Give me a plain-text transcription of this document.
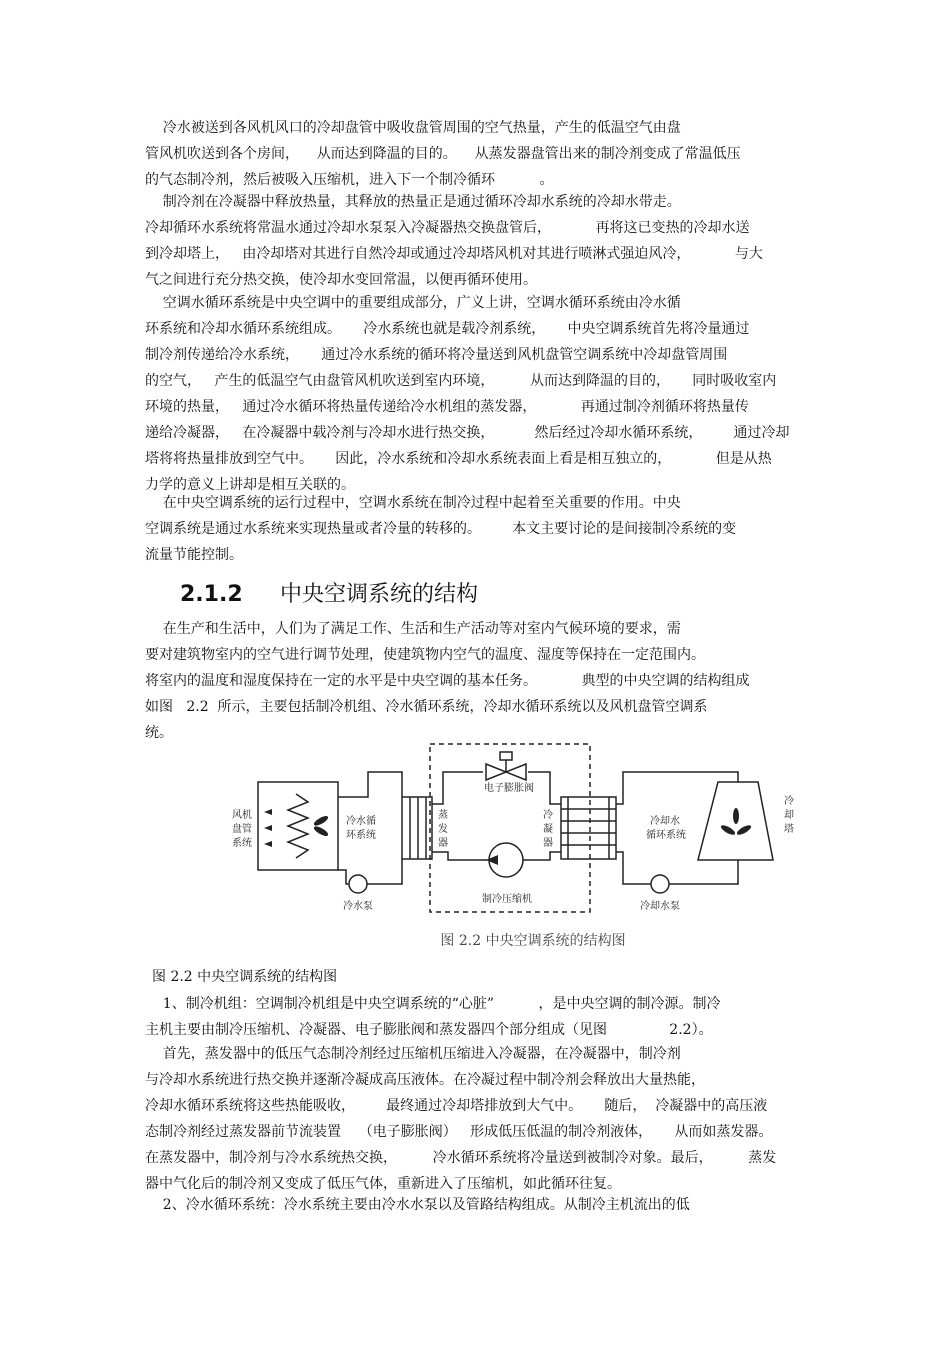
冷水被送到各风机风口的冷却盘管中吸收盘管周围的空气热量，产生的低温空气由盘
管风机吹送到各个房间，    从而达到降温的目的。    从蒸发器盘管出来的制冷剂变成了常温低压
的气态制冷剂，然后被吸入压缩机，进入下一个制冷循环          。
制冷剂在冷凝器中释放热量，其释放的热量正是通过循环冷却水系统的冷却水带走。
冷却循环水系统将常温水通过冷却水泵泵入冷凝器热交换盘管后，          再将这已变热的冷却水送
到冷却塔上，   由冷却塔对其进行自然冷却或通过冷却塔风机对其进行喷淋式强迫风冷，          与大
气之间进行充分热交换，使冷却水变回常温，以便再循环使用。
空调水循环系统是中央空调中的重要组成部分，广义上讲，空调水循环系统由冷水循
环系统和冷却水循环系统组成。     冷水系统也就是载冷剂系统，     中央空调系统首先将冷量通过
制冷剂传递给冷水系统，     通过冷水系统的循环将冷量送到风机盘管空调系统中冷却盘管周围
的空气，   产生的低温空气由盘管风机吹送到室内环境，        从而达到降温的目的，     同时吸收室内
环境的热量，   通过冷水循环将热量传递给冷水机组的蒸发器，          再通过制冷剂循环将热量传
递给冷凝器，   在冷凝器中载冷剂与冷却水进行热交换，         然后经过冷却水循环系统，       通过冷却
塔将将热量排放到空气中。     因此，冷水系统和冷却水系统表面上看是相互独立的，          但是从热
力学的意义上讲却是相互关联的。
在中央空调系统的运行过程中，空调水系统在制冷过程中起着至关重要的作用。中央
空调系统是通过水系统来实现热量或者冷量的转移的。       本文主要讨论的是间接制冷系统的变
流量节能控制。
2.1.2 中央空调系统的结构
在生产和生活中，人们为了满足工作、生活和生产活动等对室内气候环境的要求，需
要对建筑物室内的空气进行调节处理，使建筑物内空气的温度、湿度等保持在一定范围内。
将室内的温度和湿度保持在一定的水平是中央空调的基本任务。          典型的中央空调的结构组成
如图   2.2  所示，主要包括制冷机组、冷水循环系统，冷却水循环系统以及风机盘管空调系
统。
风机
盘管
系统
冷水循
环系统
蒸
发
器
冷
凝
器
电子膨胀阀
制冷压缩机
冷却水
循环系统
冷
却
塔
冷水泵	冷却水泵
图 2.2 中央空调系统的结构图
图 2.2 中央空调系统的结构图
1、制冷机组：空调制冷机组是中央空调系统的“心脏”          ，是中央空调的制冷源。制冷
主机主要由制冷压缩机、冷凝器、电子膨胀阀和蒸发器四个部分组成（见图              2.2）。
首先，蒸发器中的低压气态制冷剂经过压缩机压缩进入冷凝器，在冷凝器中，制冷剂
与冷却水系统进行热交换并逐渐冷凝成高压液体。在冷凝过程中制冷剂会释放出大量热能，
冷却水循环系统将这些热能吸收，       最终通过冷却塔排放到大气中。     随后，  冷凝器中的高压液
态制冷剂经过蒸发器前节流装置    （电子膨胀阀）   形成低压低温的制冷剂液体，     从而如蒸发器。
在蒸发器中，制冷剂与冷水系统热交换，        冷水循环系统将冷量送到被制冷对象。最后，        蒸发
器中气化后的制冷剂又变成了低压气体，重新进入了压缩机，如此循环往复。
2、冷水循环系统：冷水系统主要由冷水水泵以及管路结构组成。从制冷主机流出的低
